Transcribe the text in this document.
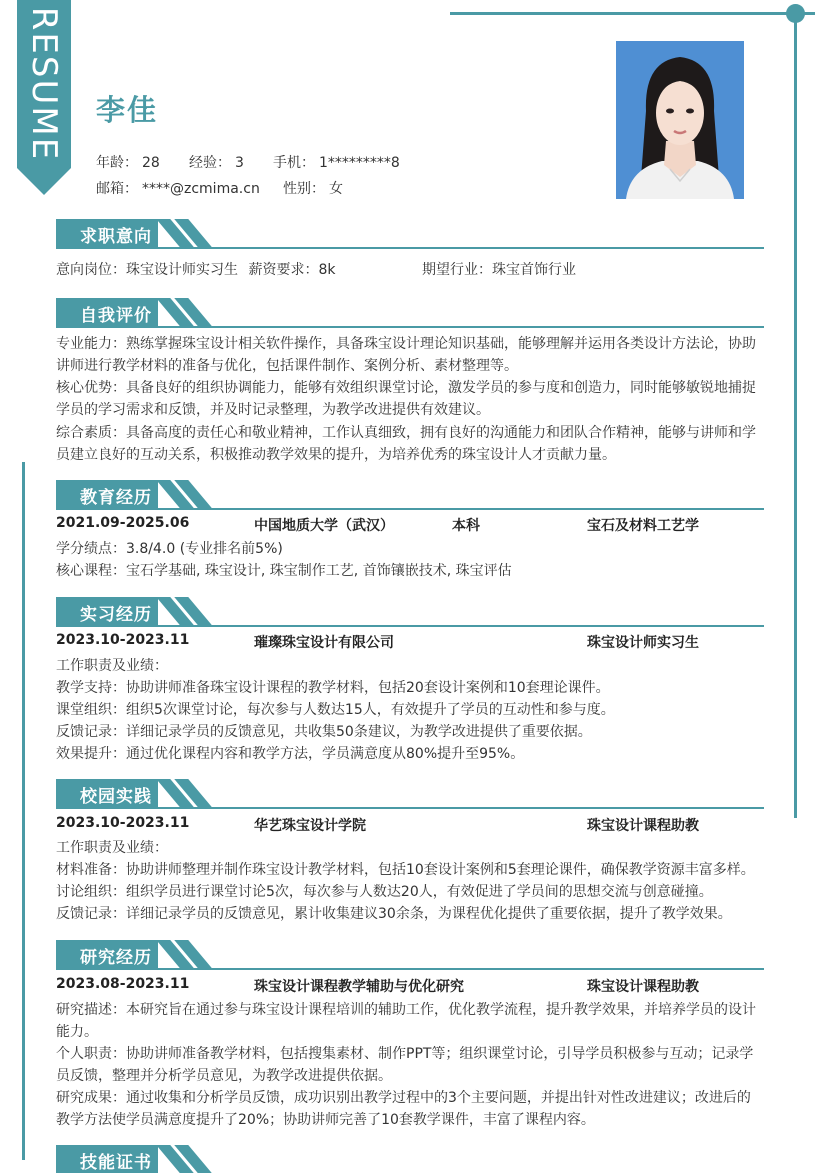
RESUME 李佳
年龄： 28 经验： 3 手机： 1*********8
邮箱： ****@zcmima.cn 性别： 女
求职意向
意向岗位：珠宝设计师实习生 薪资要求：8k	期望行业：珠宝首饰行业
自我评价
专业能力：熟练掌握珠宝设计相关软件操作，具备珠宝设计理论知识基础，能够理解并运用各类设计方法论，协助
讲师进行教学材料的准备与优化，包括课件制作、案例分析、素材整理等。
核心优势：具备良好的组织协调能力，能够有效组织课堂讨论，激发学员的参与度和创造力，同时能够敏锐地捕捉
学员的学习需求和反馈，并及时记录整理，为教学改进提供有效建议。
综合素质：具备高度的责任心和敬业精神，工作认真细致，拥有良好的沟通能力和团队合作精神，能够与讲师和学
员建立良好的互动关系，积极推动教学效果的提升，为培养优秀的珠宝设计人才贡献力量。
教育经历
2021.09-2025.06	中国地质大学（武汉）	本科	宝石及材料工艺学
学分绩点：3.8/4.0 (专业排名前5%)
核心课程：宝石学基础, 珠宝设计, 珠宝制作工艺, 首饰镶嵌技术, 珠宝评估
实习经历
2023.10-2023.11	璀璨珠宝设计有限公司	珠宝设计师实习生
工作职责及业绩：
教学支持：协助讲师准备珠宝设计课程的教学材料，包括20套设计案例和10套理论课件。
课堂组织：组织5次课堂讨论，每次参与人数达15人，有效提升了学员的互动性和参与度。
反馈记录：详细记录学员的反馈意见，共收集50条建议，为教学改进提供了重要依据。
效果提升：通过优化课程内容和教学方法，学员满意度从80%提升至95%。
校园实践
2023.10-2023.11	华艺珠宝设计学院	珠宝设计课程助教
工作职责及业绩：
材料准备：协助讲师整理并制作珠宝设计教学材料，包括10套设计案例和5套理论课件，确保教学资源丰富多样。
讨论组织：组织学员进行课堂讨论5次，每次参与人数达20人，有效促进了学员间的思想交流与创意碰撞。
反馈记录：详细记录学员的反馈意见，累计收集建议30余条，为课程优化提供了重要依据，提升了教学效果。
研究经历
2023.08-2023.11	珠宝设计课程教学辅助与优化研究	珠宝设计课程助教
研究描述：本研究旨在通过参与珠宝设计课程培训的辅助工作，优化教学流程，提升教学效果，并培养学员的设计
能力。
个人职责：协助讲师准备教学材料，包括搜集素材、制作PPT等；组织课堂讨论，引导学员积极参与互动；记录学
员反馈，整理并分析学员意见，为教学改进提供依据。
研究成果：通过收集和分析学员反馈，成功识别出教学过程中的3个主要问题，并提出针对性改进建议；改进后的
教学方法使学员满意度提升了20%；协助讲师完善了10套教学课件，丰富了课程内容。
技能证书
